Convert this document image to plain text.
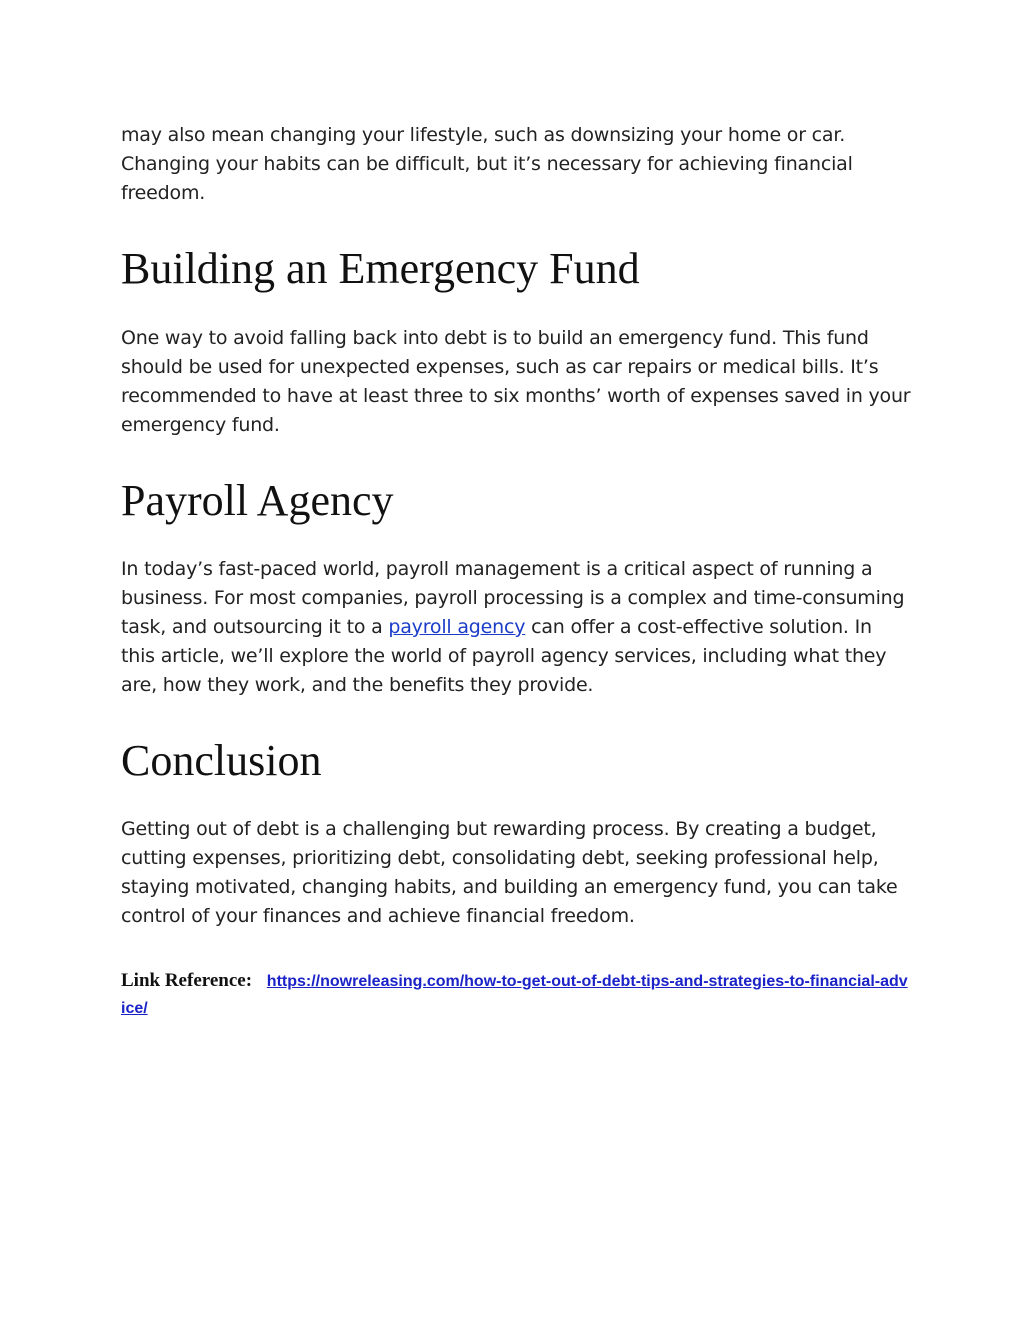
may also mean changing your lifestyle, such as downsizing your home or car. Changing your habits can be difficult, but it’s necessary for achieving financial freedom.

Building an Emergency Fund

One way to avoid falling back into debt is to build an emergency fund. This fund should be used for unexpected expenses, such as car repairs or medical bills. It’s recommended to have at least three to six months’ worth of expenses saved in your emergency fund.

Payroll Agency

In today’s fast-paced world, payroll management is a critical aspect of running a business. For most companies, payroll processing is a complex and time-consuming task, and outsourcing it to a payroll agency can offer a cost-effective solution. In this article, we’ll explore the world of payroll agency services, including what they are, how they work, and the benefits they provide.

Conclusion

Getting out of debt is a challenging but rewarding process. By creating a budget, cutting expenses, prioritizing debt, consolidating debt, seeking professional help, staying motivated, changing habits, and building an emergency fund, you can take control of your finances and achieve financial freedom.

Link Reference: https://nowreleasing.com/how-to-get-out-of-debt-tips-and-strategies-to-financial-advice/
